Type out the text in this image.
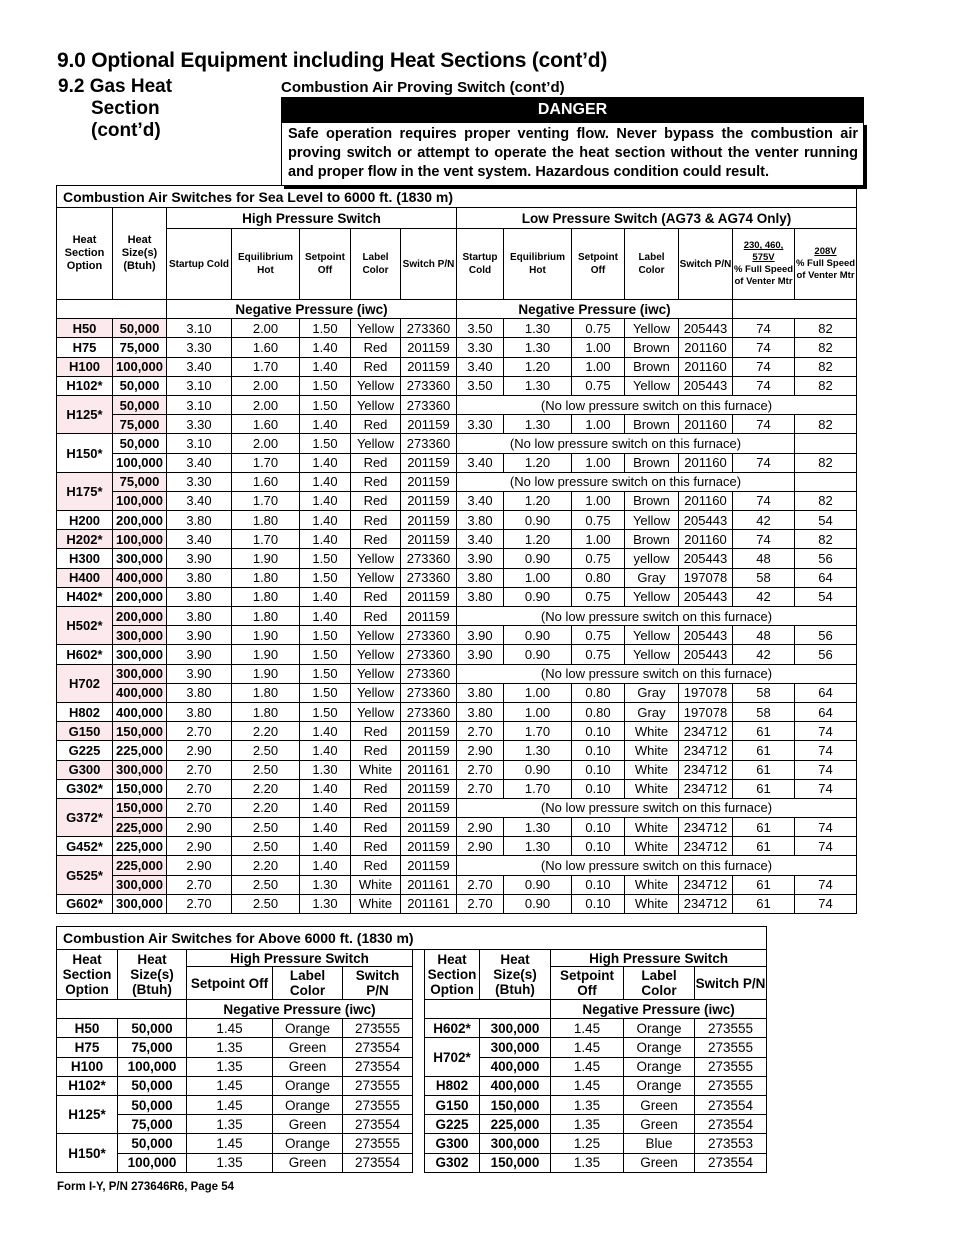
9.0 Optional Equipment including Heat Sections (cont’d)
9.2 Gas Heat
Section
(cont’d)
Combustion Air Proving Switch (cont’d)
DANGER
Safe operation requires proper venting flow. Never bypass the combustion air proving switch or attempt to operate the heat section without the venter running and proper flow in the vent system. Hazardous condition could result.
Combustion Air Switches for Sea Level to 6000 ft. (1830 m)													
Heat Section Option	Heat Size(s) (Btuh)	High Pressure Switch					Low Pressure Switch (AG73 & AG74 Only)						
		Startup Cold	Equilibrium Hot	Setpoint Off	Label Color	Switch P/N	Startup Cold	Equilibrium Hot	Setpoint Off	Label Color	Switch P/N	230, 460, 575V
% Full Speed of Venter Mtr	208V
% Full Speed of Venter Mtr
		Negative Pressure (iwc)					Negative Pressure (iwc)						
H50	50,000	3.10	2.00	1.50	Yellow	273360	3.50	1.30	0.75	Yellow	205443	74	82
H75	75,000	3.30	1.60	1.40	Red	201159	3.30	1.30	1.00	Brown	201160	74	82
H100	100,000	3.40	1.70	1.40	Red	201159	3.40	1.20	1.00	Brown	201160	74	82
H102*	50,000	3.10	2.00	1.50	Yellow	273360	3.50	1.30	0.75	Yellow	205443	74	82
H125*	50,000	3.10	2.00	1.50	Yellow	273360	(No low pressure switch on this furnace)						
	75,000	3.30	1.60	1.40	Red	201159	3.30	1.30	1.00	Brown	201160	74	82
H150*	50,000	3.10	2.00	1.50	Yellow	273360	(No low pressure switch on this furnace)						
	100,000	3.40	1.70	1.40	Red	201159	3.40	1.20	1.00	Brown	201160	74	82
H175*	75,000	3.30	1.60	1.40	Red	201159	(No low pressure switch on this furnace)						
	100,000	3.40	1.70	1.40	Red	201159	3.40	1.20	1.00	Brown	201160	74	82
H200	200,000	3.80	1.80	1.40	Red	201159	3.80	0.90	0.75	Yellow	205443	42	54
H202*	100,000	3.40	1.70	1.40	Red	201159	3.40	1.20	1.00	Brown	201160	74	82
H300	300,000	3.90	1.90	1.50	Yellow	273360	3.90	0.90	0.75	yellow	205443	48	56
H400	400,000	3.80	1.80	1.50	Yellow	273360	3.80	1.00	0.80	Gray	197078	58	64
H402*	200,000	3.80	1.80	1.40	Red	201159	3.80	0.90	0.75	Yellow	205443	42	54
H502*	200,000	3.80	1.80	1.40	Red	201159	(No low pressure switch on this furnace)						
	300,000	3.90	1.90	1.50	Yellow	273360	3.90	0.90	0.75	Yellow	205443	48	56
H602*	300,000	3.90	1.90	1.50	Yellow	273360	3.90	0.90	0.75	Yellow	205443	42	56
H702	300,000	3.90	1.90	1.50	Yellow	273360	(No low pressure switch on this furnace)						
	400,000	3.80	1.80	1.50	Yellow	273360	3.80	1.00	0.80	Gray	197078	58	64
H802	400,000	3.80	1.80	1.50	Yellow	273360	3.80	1.00	0.80	Gray	197078	58	64
G150	150,000	2.70	2.20	1.40	Red	201159	2.70	1.70	0.10	White	234712	61	74
G225	225,000	2.90	2.50	1.40	Red	201159	2.90	1.30	0.10	White	234712	61	74
G300	300,000	2.70	2.50	1.30	White	201161	2.70	0.90	0.10	White	234712	61	74
G302*	150,000	2.70	2.20	1.40	Red	201159	2.70	1.70	0.10	White	234712	61	74
G372*	150,000	2.70	2.20	1.40	Red	201159	(No low pressure switch on this furnace)						
	225,000	2.90	2.50	1.40	Red	201159	2.90	1.30	0.10	White	234712	61	74
G452*	225,000	2.90	2.50	1.40	Red	201159	2.90	1.30	0.10	White	234712	61	74
G525*	225,000	2.90	2.20	1.40	Red	201159	(No low pressure switch on this furnace)						
	300,000	2.70	2.50	1.30	White	201161	2.70	0.90	0.10	White	234712	61	74
G602*	300,000	2.70	2.50	1.30	White	201161	2.70	0.90	0.10	White	234712	61	74
Combustion Air Switches for Above 6000 ft. (1830 m)										
Heat Section Option	Heat Size(s) (Btuh)	High Pressure Switch				Heat Section Option	Heat Size(s) (Btuh)	High Pressure Switch		
		Setpoint Off	Label Color	Switch P/N				Setpoint Off	Label Color	Switch P/N
		Negative Pressure (iwc)						Negative Pressure (iwc)		
H50	50,000	1.45	Orange	273555		H602*	300,000	1.45	Orange	273555
H75	75,000	1.35	Green	273554		H702*	300,000	1.45	Orange	273555
H100	100,000	1.35	Green	273554			400,000	1.45	Orange	273555
H102*	50,000	1.45	Orange	273555		H802	400,000	1.45	Orange	273555
H125*	50,000	1.45	Orange	273555		G150	150,000	1.35	Green	273554
	75,000	1.35	Green	273554		G225	225,000	1.35	Green	273554
H150*	50,000	1.45	Orange	273555		G300	300,000	1.25	Blue	273553
	100,000	1.35	Green	273554		G302	150,000	1.35	Green	273554
Form I-Y, P/N 273646R6, Page 54
